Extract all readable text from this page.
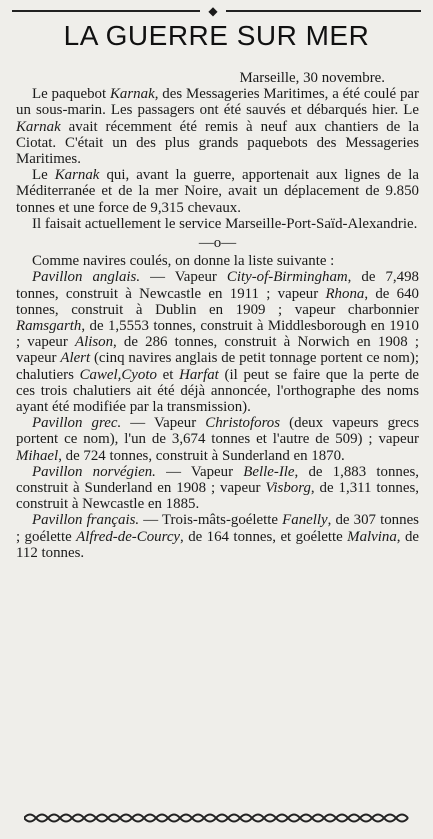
◆
LA GUERRE SUR MER

Marseille, 30 novembre.

Le paquebot Karnak, des Messageries Maritimes, a été coulé par un sous-marin. Les passagers ont été sauvés et débarqués hier. Le Karnak avait récemment été remis à neuf aux chantiers de la Ciotat. C'était un des plus grands paquebots des Messageries Maritimes.

Le Karnak qui, avant la guerre, apportenait aux lignes de la Méditerranée et de la mer Noire, avait un déplacement de 9.850 tonnes et une force de 9,315 chevaux.

Il faisait actuellement le service Marseille-Port-Saïd-Alexandrie.

—o—

Comme navires coulés, on donne la liste suivante :

Pavillon anglais. — Vapeur City-of-Birmingham, de 7,498 tonnes, construit à Newcastle en 1911 ; vapeur Rhona, de 640 tonnes, construit à Dublin en 1909 ; vapeur charbonnier Ramsgarth, de 1,5553 tonnes, construit à Middlesborough en 1910 ; vapeur Alison, de 286 tonnes, construit à Norwich en 1908 ; vapeur Alert (cinq navires anglais de petit tonnage portent ce nom); chalutiers Cawel,Cyoto et Harfat (il peut se faire que la perte de ces trois chalutiers ait été déjà annoncée, l'orthographe des noms ayant été modifiée par la transmission).

Pavillon grec. — Vapeur Christoforos (deux vapeurs grecs portent ce nom), l'un de 3,674 tonnes et l'autre de 509) ; vapeur Mihael, de 724 tonnes, construit à Sunderland en 1870.

Pavillon norvégien. — Vapeur Belle-Ile, de 1,883 tonnes, construit à Sunderland en 1908 ; vapeur Visborg, de 1,311 tonnes, construit à Newcastle en 1885.

Pavillon français. — Trois-mâts-goélette Fanelly, de 307 tonnes ; goélette Alfred-de-Courcy, de 164 tonnes, et goélette Malvina, de 112 tonnes.
